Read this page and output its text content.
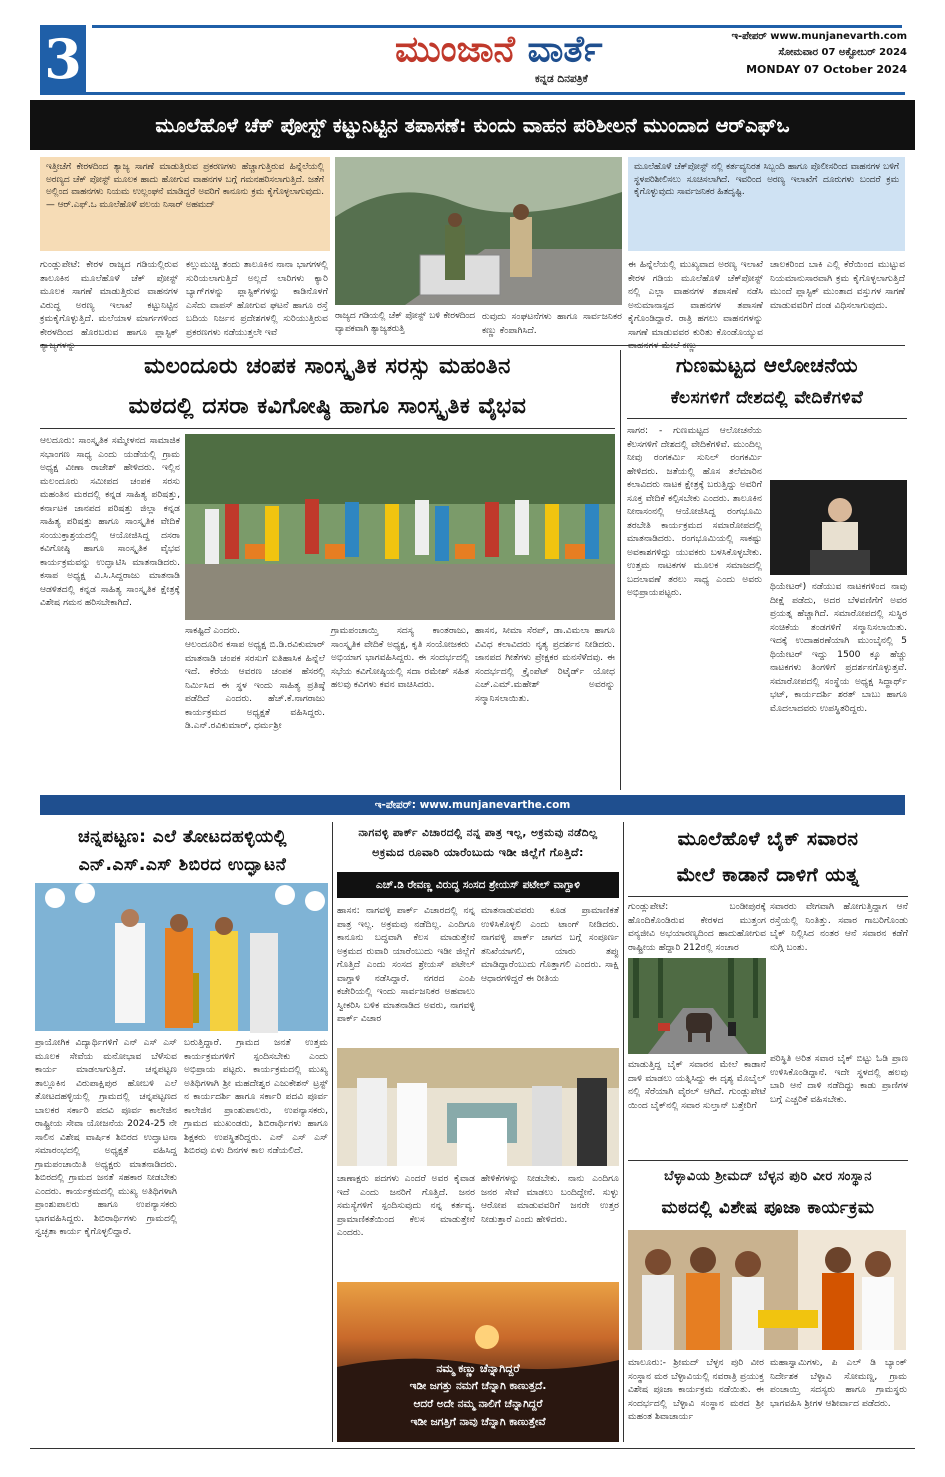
3	ಮುಂಜಾನೆ ವಾರ್ತೆ
ಕನ್ನಡ ದಿನಪತ್ರಿಕೆ
ಇ-ಪೇಪರ್ www.munjanevarth.com
ಸೋಮವಾರ 07 ಅಕ್ಟೋಬರ್ 2024
MONDAY 07 October 2024
ಮೂಲೆಹೊಳೆ ಚೆಕ್ ಪೋಸ್ಟ್ ಕಟ್ಟುನಿಟ್ಟಿನ ತಪಾಸಣೆ: ಕುಂದು ವಾಹನ ಪರಿಶೀಲನೆ ಮುಂದಾದ ಆರ್‌ಎಫ್‌ಒ
ಇತ್ತೀಚೆಗೆ ಕೇರಳದಿಂದ ತ್ಯಾಜ್ಯ ಸಾಗಣೆ ಮಾಡುತ್ತಿರುವ ಪ್ರಕರಣಗಳು ಹೆಚ್ಚಾಗುತ್ತಿರುವ ಹಿನ್ನೆಲೆಯಲ್ಲಿ ಅರಣ್ಯದ ಚೆಕ್ ಪೋಸ್ಟ್ ಮೂಲಕ ಹಾದು ಹೋಗುವ ವಾಹನಗಳ ಬಗ್ಗೆ ಗಮನಹರಿಸಲಾಗುತ್ತಿದೆ. ಜತೆಗೆ ಅಲ್ಲಿಂದ ವಾಹನಗಳು ನಿಯಮ ಉಲ್ಲಂಘನೆ ಮಾಡಿದ್ದರೆ ಅವರಿಗೆ ಕಾನೂನು ಕ್ರಮ ಕೈಗೊಳ್ಳಲಾಗುವುದು. — ಆರ್.ಎಫ್.ಒ ಮೂಲೆಹೊಳೆ ವಲಯ ನಿಸಾರ್ ಅಹಮದ್
ಮೂಲೆಹೊಳೆ ಚೆಕ್‌ಪೋಸ್ಟ್ ನಲ್ಲಿ ಕರ್ತವ್ಯನಿರತ ಸಿಬ್ಬಂದಿ ಹಾಗೂ ಪೊಲೀಸರಿಂದ ವಾಹನಗಳ ಬಳಿಗೆ ಸ್ಥಳಪರಿಶೀಲಿಸಲು ಸೂಚಿಸಲಾಗಿದೆ. ಇವರಿಂದ ಅರಣ್ಯ ಇಲಾಖೆಗೆ ದೂರುಗಳು ಬಂದರೆ ಕ್ರಮ ಕೈಗೊಳ್ಳುವುದು ಸಾರ್ವಜನಿಕರ ಹಿತದೃಷ್ಟಿ.
ಗುಂಡ್ಲುಪೇಟೆ: ಕೇರಳ ರಾಜ್ಯದ ಗಡಿಯಲ್ಲಿರುವ ತಾಲೂಕಿನ ಮೂಲೆಹೊಳೆ ಚೆಕ್ ಪೋಸ್ಟ್ ಮೂಲಕ ಸಾಗಣೆ ಮಾಡುತ್ತಿರುವ ವಾಹನಗಳ ವಿರುದ್ಧ ಅರಣ್ಯ ಇಲಾಖೆ ಕಟ್ಟುನಿಟ್ಟಿನ ಕ್ರಮಕೈಗೊಳ್ಳುತ್ತಿದೆ. ಮಲೆಯಾಳ ಮಾರ್ಗಗಳಿಂದ ಕೇರಳದಿಂದ ಹೊರಬರುವ ಹಾಗೂ ಪ್ಲಾಸ್ಟಿಕ್
ಕಲ್ಲುಮುಚ್ಚಿ ತಂದು ತಾಲೂಕಿನ ನಾನಾ ಭಾಗಗಳಲ್ಲಿ ಸುರಿಯಲಾಗುತ್ತಿದೆ ಅಲ್ಲದೆ ಲಾರಿಗಳು ಕ್ಯಾರಿ ಬ್ಯಾಗ್‌ಗಳನ್ನು ಪ್ಲಾಸ್ಟಿಕ್‌ಗಳನ್ನು ಕಾಡಿನೊಳಗೆ ಎಸೆದು ವಾಪಸ್ ಹೋಗುವ ಘಟನೆ ಹಾಗೂ ರಸ್ತೆ ಬದಿಯ ನಿರ್ಜನ ಪ್ರದೇಶಗಳಲ್ಲಿ ಸುರಿಯುತ್ತಿರುವ ಪ್ರಕರಣಗಳು ನಡೆಯುತ್ತಲೇ ಇವೆ
ರಾಜ್ಯದ ಗಡಿಯಲ್ಲಿ ಚೆಕ್ ಪೋಸ್ಟ್ ಬಳಿ ಕೇರಳದಿಂದ ವ್ಯಾಪಕವಾಗಿ ತ್ಯಾಜ್ಯತರುತ್ತಿ
ರುವುದು ಸಂಘಟನೆಗಳು ಹಾಗೂ ಸಾರ್ವಜನಿಕರ ಕಣ್ಣು ಕೆಂಪಾಗಿಸಿದೆ.
ಈ ಹಿನ್ನೆಲೆಯಲ್ಲಿ ಮುಖ್ಯವಾದ ಅರಣ್ಯ ಇಲಾಖೆ ಕೇರಳ ಗಡಿಯ ಮೂಲೆಹೊಳೆ ಚೆಕ್‌ಪೋಸ್ಟ್ ನಲ್ಲಿ ಎಲ್ಲಾ ವಾಹನಗಳ ತಪಾಸಣೆ ನಡೆಸಿ ಅನುಮಾನಾಸ್ಪದ ವಾಹನಗಳ ತಪಾಸಣೆ ಕೈಗೊಂಡಿದ್ದಾರೆ. ರಾತ್ರಿ ಹಗಲು ವಾಹನಗಳನ್ನು ಸಾಗಣೆ ಮಾಡುವವರ ಕುರಿತು ಕೊಂಡೊಯ್ಯುವ
ಚಾಲಕರಿಂದ ಬಾಕಿ ಎಲ್ಲಿ ಕೆರೆಯಿಂದ ಮುಟ್ಟುವ ನಿಯಮಾನುಸಾರವಾಗಿ ಕ್ರಮ ಕೈಗೊಳ್ಳಲಾಗುತ್ತಿದೆ ಮುಂದೆ ಪ್ಲಾಸ್ಟಿಕ್ ಮುಂತಾದ ವಸ್ತುಗಳ ಸಾಗಣೆ ಮಾಡುವವರಿಗೆ ದಂಡ ವಿಧಿಸಲಾಗುವುದು.
ಮಲಂದೂರು ಚಂಪಕ ಸಾಂಸ್ಕೃತಿಕ ಸರಸ್ಸು ಮಹಂತಿನ
ಮಠದಲ್ಲಿ ದಸರಾ ಕವಿಗೋಷ್ಠಿ ಹಾಗೂ ಸಾಂಸ್ಕೃತಿಕ ವೈಭವ
ಆಲದೂರು: ಸಾಂಸ್ಕೃತಿಕ ಸಮ್ಮೇಳನದ ಸಾಮಾಜಿಕ ಸಭಾಂಗಣ ಸಾಧ್ಯ ಎಂದು ಯಡೆಯಲ್ಲಿ ಗ್ರಾಮ ಅಧ್ಯಕ್ಷ ವೀಣಾ ರಾಜೇಶ್ ಹೇಳಿದರು. ಇಲ್ಲಿನ ಮಲಂದೂರು ಸಮೀಪದ ಚಂಪಕ ಸರಸು ಮಹಂತಿನ ಮಠದಲ್ಲಿ ಕನ್ನಡ ಸಾಹಿತ್ಯ ಪರಿಷತ್ತು, ಕರ್ನಾಟಕ ಜಾನಪದ ಪರಿಷತ್ತು ಜಿಲ್ಲಾ ಕನ್ನಡ ಸಾಹಿತ್ಯ ಪರಿಷತ್ತು ಹಾಗೂ ಸಾಂಸ್ಕೃತಿಕ ವೇದಿಕೆ ಸಂಯುಕ್ತಾಶ್ರಯದಲ್ಲಿ ಆಯೋಜಿಸಿದ್ದ ದಸರಾ ಕವಿಗೋಷ್ಠಿ ಹಾಗೂ ಸಾಂಸ್ಕೃತಿಕ ವೈಭವ ಕಾರ್ಯಕ್ರಮವನ್ನು ಉದ್ಘಾಟಿಸಿ ಮಾತನಾಡಿದರು. ಕಸಾಪ ಅಧ್ಯಕ್ಷ ವಿ.ಸಿ.ಸಿದ್ದರಾಜು ಮಾತನಾಡಿ ಆಡಳಿತದಲ್ಲಿ ಕನ್ನಡ ಸಾಹಿತ್ಯ ಸಾಂಸ್ಕೃತಿಕ ಕ್ಷೇತ್ರಕ್ಕೆ ವಿಶೇಷ ಗಮನ ಹರಿಸಬೇಕಾಗಿದೆ.
ಸಾಕಷ್ಟಿದೆ ಎಂದರು.
ಆಲಂದೂರಿನ ಕಸಾಪ ಅಧ್ಯಕ್ಷ ಬಿ.ಡಿ.ರವಿಕುಮಾರ್ ಮಾತನಾಡಿ ಚಂಪಕ ಸರಸುಗೆ ಐತಿಹಾಸಿಕ ಹಿನ್ನೆಲೆ ಇದೆ. ಕೆರೆಯ ಆವರಣ ಚಂಪಕ ಹೆಸರಲ್ಲಿ ನಿರ್ಮಿಸಿದ ಈ ಸ್ಥಳ ಇಂದು ಸಾಹಿತ್ಯ ಪ್ರತಿಷ್ಠೆ ಪಡೆದಿದೆ ಎಂದರು. ಹೆಚ್.ಕೆ.ನಾಗರಾಜು ಕಾರ್ಯಕ್ರಮದ ಅಧ್ಯಕ್ಷತೆ ವಹಿಸಿದ್ದರು. ಡಿ.ಎನ್.ರವಿಕುಮಾರ್, ಧರ್ಮಶ್ರೀ
ಗ್ರಾಮಪಂಚಾಯ್ತಿ ಸದಸ್ಯ ಕಾಂತರಾಜು, ಸಾಂಸ್ಕೃತಿಕ ವೇದಿಕೆ ಅಧ್ಯಕ್ಷ, ಕೃತಿ ಸಂಯೋಜಕರು ಅಭಿಯಾಗ ಭಾಗವಹಿಸಿದ್ದರು. ಈ ಸಂದರ್ಭದಲ್ಲಿ ಸಭೆಯ ಕವಿಗೋಷ್ಠಿಯಲ್ಲಿ ಸದಾ ರಮೇಶ್ ಸಹಿತ ಹಲವು ಕವಿಗಳು ಕವನ ವಾಚಿಸಿದರು.
ಹಾಸನ, ಸೀಮಾ ಸೆರಪ್, ಡಾ.ವಿಮಲಾ ಹಾಗೂ ವಿವಿಧ ಕಲಾವಿದರು ನೃತ್ಯ ಪ್ರದರ್ಶನ ನೀಡಿದರು. ಜಾನಪದ ಗೀತೆಗಳು ಪ್ರೇಕ್ಷಕರ ಮನಸೆಳೆದವು. ಈ ಸಂದರ್ಭದಲ್ಲಿ ಕ್ರೈಂಪೆಟ್ ರಿಟೈರ್ಡ್ ಯೋಧ ಎಚ್.ಎಮ್.ಮಹೇಶ್ ಅವರನ್ನು ಸನ್ಮಾನಿಸಲಾಯಿತು.
ಗುಣಮಟ್ಟದ ಆಲೋಚನೆಯ
ಕೆಲಸಗಳಿಗೆ ದೇಶದಲ್ಲಿ ವೇದಿಕೆಗಳಿವೆ
ಸಾಗರ: - ಗುಣಮಟ್ಟದ ಆಲೋಚನೆಯ ಕೆಲಸಗಳಿಗೆ ದೇಶದಲ್ಲಿ ವೇದಿಕೆಗಳಿವೆ. ಮುಂದಿಲ್ಲ ನೀವು ರಂಗಕರ್ಮಿ ಸುನಿಲ್ ರಂಗಕರ್ಮಿ ಹೇಳಿದರು. ಜತೆಯಲ್ಲಿ ಹೊಸ ತಲೆಮಾರಿನ ಕಲಾವಿದರು ನಾಟಕ ಕ್ಷೇತ್ರಕ್ಕೆ ಬರುತ್ತಿದ್ದು ಅವರಿಗೆ ಸೂಕ್ತ ವೇದಿಕೆ ಕಲ್ಪಿಸಬೇಕು ಎಂದರು. ತಾಲೂಕಿನ ನೀನಾಸಂನಲ್ಲಿ ಆಯೋಜಿಸಿದ್ದ ರಂಗಭೂಮಿ ತರಬೇತಿ ಕಾರ್ಯಕ್ರಮದ ಸಮಾರೋಪದಲ್ಲಿ ಮಾತನಾಡಿದರು. ರಂಗಭೂಮಿಯಲ್ಲಿ ಸಾಕಷ್ಟು ಅವಕಾಶಗಳಿದ್ದು ಯುವಕರು ಬಳಸಿಕೊಳ್ಳಬೇಕು. ಉತ್ತಮ ನಾಟಕಗಳ ಮೂಲಕ ಸಮಾಜದಲ್ಲಿ ಬದಲಾವಣೆ ತರಲು ಸಾಧ್ಯ ಎಂದು ಅವರು ಅಭಿಪ್ರಾಯಪಟ್ಟರು.
ಥಿಯೇಟರ್) ನಡೆಯುವ ನಾಟಕಗಳಿಂದ ನಾವು ದೀಕ್ಷೆ ಪಡೆದು, ಅದರ ಬೆಳವಣಿಗೆಗೆ ಅವರ ಪ್ರಯತ್ನ ಹೆಚ್ಚಾಗಿದೆ. ಸಮಾರೋಪದಲ್ಲಿ ಸುಸ್ಥಿರ ಸಂಚಿಕೆಯ ತಂಡಗಳಿಗೆ ಸನ್ಮಾನಿಸಲಾಯಿತು. ಇದಕ್ಕೆ ಉದಾಹರಣೆಯಾಗಿ ಮುಂಬೈನಲ್ಲಿ 5 ಥಿಯೇಟರ್ ಇದ್ದು 1500 ಕ್ಕೂ ಹೆಚ್ಚು ನಾಟಕಗಳು ತಿಂಗಳಿಗೆ ಪ್ರದರ್ಶನಗೊಳ್ಳುತ್ತವೆ. ಸಮಾರೋಪದಲ್ಲಿ ಸಂಸ್ಥೆಯ ಅಧ್ಯಕ್ಷ ಸಿದ್ಧಾರ್ಥ್ ಭಟ್, ಕಾರ್ಯದರ್ಶಿ ಶರತ್ ಬಾಬು ಹಾಗೂ ಮೊದಲಾದವರು ಉಪಸ್ಥಿತರಿದ್ದರು.
ಇ-ಪೇಪರ್: www.munjanevarthe.com
ಚನ್ನಪಟ್ಟಣ: ಎಲೆ ತೋಟದಹಳ್ಳಿಯಲ್ಲಿ
ಎನ್.ಎಸ್.ಎಸ್ ಶಿಬಿರದ ಉದ್ಘಾಟನೆ
ಪ್ರಾಯೋಗಿಕ ವಿದ್ಯಾರ್ಥಿಗಳಿಗೆ ಎನ್ ಎಸ್ ಎಸ್ ಮೂಲಕ ಸೇವೆಯ ಮನೋಭಾವ ಬೆಳೆಸುವ ಕಾರ್ಯ ಮಾಡಲಾಗುತ್ತಿದೆ. ಚನ್ನಪಟ್ಟಣ ತಾಲ್ಲೂಕಿನ ವಿರುಪಾಕ್ಷಿಪುರ ಹೋಬಳಿ ಎಲೆ ತೋಟದಹಳ್ಳಿಯಲ್ಲಿ ಗ್ರಾಮದಲ್ಲಿ ಚನ್ನಪಟ್ಟಣದ ಬಾಲಕರ ಸರ್ಕಾರಿ ಪದವಿ ಪೂರ್ವ ಕಾಲೇಜಿನ ರಾಷ್ಟ್ರೀಯ ಸೇವಾ ಯೋಜನೆಯ 2024-25 ನೇ ಸಾಲಿನ ವಿಶೇಷ ವಾರ್ಷಿಕ ಶಿಬಿರದ ಉದ್ಘಾಟನಾ ಸಮಾರಂಭದಲ್ಲಿ ಅಧ್ಯಕ್ಷತೆ ವಹಿಸಿದ್ದ ಗ್ರಾಮಪಂಚಾಯಿತಿ ಅಧ್ಯಕ್ಷರು ಮಾತನಾಡಿದರು. ಶಿಬಿರದಲ್ಲಿ ಗ್ರಾಮದ ಜನತೆ ಸಹಕಾರ ನೀಡಬೇಕು ಎಂದರು. ಕಾರ್ಯಕ್ರಮದಲ್ಲಿ ಮುಖ್ಯ ಅತಿಥಿಗಳಾಗಿ ಪ್ರಾಂಶುಪಾಲರು ಹಾಗೂ ಉಪನ್ಯಾಸಕರು ಭಾಗವಹಿಸಿದ್ದರು. ಶಿಬಿರಾರ್ಥಿಗಳು ಗ್ರಾಮದಲ್ಲಿ ಸ್ವಚ್ಛತಾ ಕಾರ್ಯ ಕೈಗೊಳ್ಳಲಿದ್ದಾರೆ.
ಬರುತ್ತಿದ್ದಾರೆ. ಗ್ರಾಮದ ಜನತೆ ಉತ್ತಮ ಕಾರ್ಯಕ್ರಮಗಳಿಗೆ ಸ್ಪಂದಿಸಬೇಕು ಎಂದು ಅಭಿಪ್ರಾಯ ಪಟ್ಟರು. ಕಾರ್ಯಕ್ರಮದಲ್ಲಿ ಮುಖ್ಯ ಅತಿಥಿಗಳಾಗಿ ಶ್ರೀ ಮಹದೇಶ್ವರ ಎಜುಕೇಶನ್ ಟ್ರಸ್ಟ್ ನ ಕಾರ್ಯದರ್ಶಿ ಹಾಗೂ ಸರ್ಕಾರಿ ಪದವಿ ಪೂರ್ವ ಕಾಲೇಜಿನ ಪ್ರಾಂಶುಪಾಲರು, ಉಪನ್ಯಾಸಕರು, ಗ್ರಾಮದ ಮುಖಂಡರು, ಶಿಬಿರಾರ್ಥಿಗಳು ಹಾಗೂ ಶಿಕ್ಷಕರು ಉಪಸ್ಥಿತರಿದ್ದರು. ಎನ್ ಎಸ್ ಎಸ್ ಶಿಬಿರವು ಏಳು ದಿನಗಳ ಕಾಲ ನಡೆಯಲಿದೆ.
ನಾಗವಳ್ಳಿ ಪಾರ್ಕ್ ವಿಚಾರದಲ್ಲಿ ನನ್ನ ಪಾತ್ರ ಇಲ್ಲ, ಅಕ್ರಮವು ನಡೆದಿಲ್ಲ
ಅಕ್ರಮದ ರೂವಾರಿ ಯಾರೆಂಬುದು ಇಡೀ ಜಿಲ್ಲೆಗೆ ಗೊತ್ತಿದೆ:
ಎಚ್.ಡಿ ರೇವಣ್ಣ ವಿರುದ್ಧ ಸಂಸದ ಶ್ರೇಯಸ್ ಪಟೇಲ್ ವಾಗ್ದಾಳಿ
ಹಾಸನ: ನಾಗವಳ್ಳಿ ಪಾರ್ಕ್ ವಿಚಾರದಲ್ಲಿ ನನ್ನ ಪಾತ್ರ ಇಲ್ಲ. ಅಕ್ರಮವು ನಡೆದಿಲ್ಲ. ಎಂದಿಗೂ ಕಾನೂನು ಬದ್ಧವಾಗಿ ಕೆಲಸ ಮಾಡುತ್ತೇನೆ ಅಕ್ರಮದ ರುವಾರಿ ಯಾರೆಂಬುದು ಇಡೀ ಜಿಲ್ಲೆಗೆ ಗೊತ್ತಿದೆ ಎಂದು ಸಂಸದ ಶ್ರೇಯಸ್ ಪಟೇಲ್ ವಾಗ್ದಾಳಿ ನಡೆಸಿದ್ದಾರೆ. ನಗರದ ಎಂಪಿ ಕಚೇರಿಯಲ್ಲಿ ಇಂದು ಸಾರ್ವಜನಿಕರ ಅಹವಾಲು ಸ್ವೀಕರಿಸಿ ಬಳಿಕ ಮಾತನಾಡಿದ ಅವರು, ನಾಗವಳ್ಳಿ ಪಾರ್ಕ್ ವಿಚಾರ
ಮಾತನಾಡುವವರು ಕೂಡ ಪ್ರಾಮಾಣಿಕತೆ ಉಳಿಸಿಕೊಳ್ಳಲಿ ಎಂದು ಟಾಂಗ್ ನೀಡಿದರು. ನಾಗವಳ್ಳಿ ಪಾರ್ಕ್ ಜಾಗದ ಬಗ್ಗೆ ಸಂಪೂರ್ಣ ತನಿಖೆಯಾಗಲಿ, ಯಾರು ತಪ್ಪು ಮಾಡಿದ್ದಾರೆಂಬುದು ಗೊತ್ತಾಗಲಿ ಎಂದರು. ಸಾಕ್ಷಿ ಆಧಾರಗಳಿದ್ದರೆ ಈ ರೀತಿಯ
ಚಾಣಾಕ್ಷರು ಪದಗಳು ಎಂದರೆ ಅವರ ಕೈವಾಡ ಇದೆ ಎಂದು ಜನರಿಗೆ ಗೊತ್ತಿದೆ. ಜನರ ಸಮಸ್ಯೆಗಳಿಗೆ ಸ್ಪಂದಿಸುವುದು ನನ್ನ ಕರ್ತವ್ಯ. ಪ್ರಾಮಾಣಿಕತೆಯಿಂದ ಕೆಲಸ ಮಾಡುತ್ತೇನೆ ಎಂದರು.
ಹೇಳಿಕೆಗಳನ್ನು ನೀಡಬೇಕು. ನಾನು ಎಂದಿಗೂ ಜನರ ಸೇವೆ ಮಾಡಲು ಬಂದಿದ್ದೇನೆ. ಸುಳ್ಳು ಆರೋಪ ಮಾಡುವವರಿಗೆ ಜನರೇ ಉತ್ತರ ನೀಡುತ್ತಾರೆ ಎಂದು ಹೇಳಿದರು.
ನಮ್ಮ ಕಣ್ಣು ಚೆನ್ನಾಗಿದ್ದರೆ
ಇಡೀ ಜಗತ್ತು ನಮಗೆ ಚೆನ್ನಾಗಿ ಕಾಣುತ್ತದೆ.
ಆದರೆ ಅದೇ ನಮ್ಮ ನಾಲಿಗೆ ಚೆನ್ನಾಗಿದ್ದರೆ
ಇಡೀ ಜಗತ್ತಿಗೆ ನಾವು ಚೆನ್ನಾಗಿ ಕಾಣುತ್ತೇವೆ
ಮೂಲೆಹೊಳೆ ಬೈಕ್ ಸವಾರನ
ಮೇಲೆ ಕಾಡಾನೆ ದಾಳಿಗೆ ಯತ್ನ
ಗುಂಡ್ಲುಪೇಟೆ: ಬಂಡೀಪುರಕ್ಕೆ ಹೊಂದಿಕೊಂಡಿರುವ ಕೇರಳದ ಮುತ್ತಂಗ ವನ್ಯಜೀವಿ ಅಭಯಾರಣ್ಯದಿಂದ ಹಾದುಹೋಗುವ ರಾಷ್ಟ್ರೀಯ ಹೆದ್ದಾರಿ 212ರಲ್ಲಿ ಸಂಚಾರ
ಸವಾರರು ವೇಗವಾಗಿ ಹೋಗುತ್ತಿದ್ದಾಗ ಆನೆ ರಸ್ತೆಯಲ್ಲಿ ನಿಂತಿತ್ತು. ಸವಾರ ಗಾಬರಿಗೊಂಡು ಬೈಕ್ ನಿಲ್ಲಿಸಿದ ನಂತರ ಆನೆ ಸವಾರನ ಕಡೆಗೆ ನುಗ್ಗಿ ಬಂತು.
ಮಾಡುತ್ತಿದ್ದ ಬೈಕ್ ಸವಾರನ ಮೇಲೆ ಕಾಡಾನೆ ದಾಳಿ ಮಾಡಲು ಯತ್ನಿಸಿದ್ದು ಈ ದೃಶ್ಯ ಮೊಬೈಲ್ ನಲ್ಲಿ ಸೆರೆಯಾಗಿ ವೈರಲ್ ಆಗಿದೆ. ಗುಂಡ್ಲುಪೇಟೆ ಯಿಂದ ಬೈಕ್‌ನಲ್ಲಿ ಸವಾರ ಸುಲ್ತಾನ್ ಬತ್ತೇರಿಗೆ
ಪರಿಸ್ಥಿತಿ ಅರಿತ ಸವಾರ ಬೈಕ್ ಬಿಟ್ಟು ಓಡಿ ಪ್ರಾಣ ಉಳಿಸಿಕೊಂಡಿದ್ದಾನೆ. ಇದೇ ಸ್ಥಳದಲ್ಲಿ ಹಲವು ಬಾರಿ ಆನೆ ದಾಳಿ ನಡೆದಿದ್ದು ಕಾಡು ಪ್ರಾಣಿಗಳ ಬಗ್ಗೆ ಎಚ್ಚರಿಕೆ ವಹಿಸಬೇಕು.
ಬೆಳ್ಳಾವಿಯ ಶ್ರೀಮದ್ ಬೆಳ್ಳನ ಪುರಿ ವೀರ ಸಂಸ್ಥಾನ
ಮಠದಲ್ಲಿ ವಿಶೇಷ ಪೂಜಾ ಕಾರ್ಯಕ್ರಮ
ಮಾಲೂರು:- ಶ್ರೀಮದ್ ಬೆಳ್ಳನ ಪುರಿ ವೀರ ಸಂಸ್ಥಾನ ಮಠ ಬೆಳ್ಳಾವಿಯಲ್ಲಿ ನವರಾತ್ರಿ ಪ್ರಯುಕ್ತ ವಿಶೇಷ ಪೂಜಾ ಕಾರ್ಯಕ್ರಮ ನಡೆಯಿತು. ಈ ಸಂದರ್ಭದಲ್ಲಿ ಬೆಳ್ಳಾವಿ ಸಂಸ್ಥಾನ ಮಠದ ಶ್ರೀ ಮಹಂತ ಶಿವಾಚಾರ್ಯ
ಮಹಾಸ್ವಾಮಿಗಳು, ಪಿ ಎಲ್ ಡಿ ಬ್ಯಾಂಕ್ ನಿರ್ದೇಶಕ ಬೆಳ್ಳಾವಿ ಸೋಮಣ್ಣ, ಗ್ರಾಮ ಪಂಚಾಯ್ತಿ ಸದಸ್ಯರು ಹಾಗೂ ಗ್ರಾಮಸ್ಥರು ಭಾಗವಹಿಸಿ ಶ್ರೀಗಳ ಆಶೀರ್ವಾದ ಪಡೆದರು.
